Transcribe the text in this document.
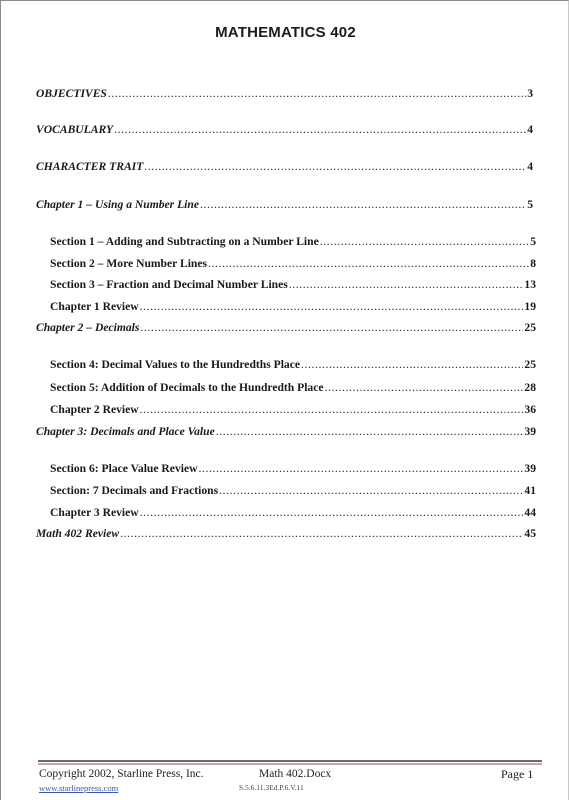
MATHEMATICS 402
OBJECTIVES .....	3
VOCABULARY .....	4
CHARACTER TRAIT .....	4
Chapter 1 – Using a Number Line .....	5
Section 1 – Adding and Subtracting on a Number Line .....	5
Section 2 – More Number Lines .....	8
Section 3 – Fraction and Decimal Number Lines .....	13
Chapter 1 Review .....	19
Chapter 2 – Decimals .....	25
Section 4: Decimal Values to the Hundredths Place .....	25
Section 5: Addition of Decimals to the Hundredth Place .....	28
Chapter 2 Review .....	36
Chapter 3: Decimals and Place Value .....	39
Section 6: Place Value Review .....	39
Section: 7 Decimals and Fractions .....	41
Chapter 3 Review .....	44
Math 402 Review .....	45
Copyright 2002, Starline Press, Inc.	Math 402.Docx	Page 1
www.starlinepress.com	S.5.6.11.3Ed.P.6.V.11
